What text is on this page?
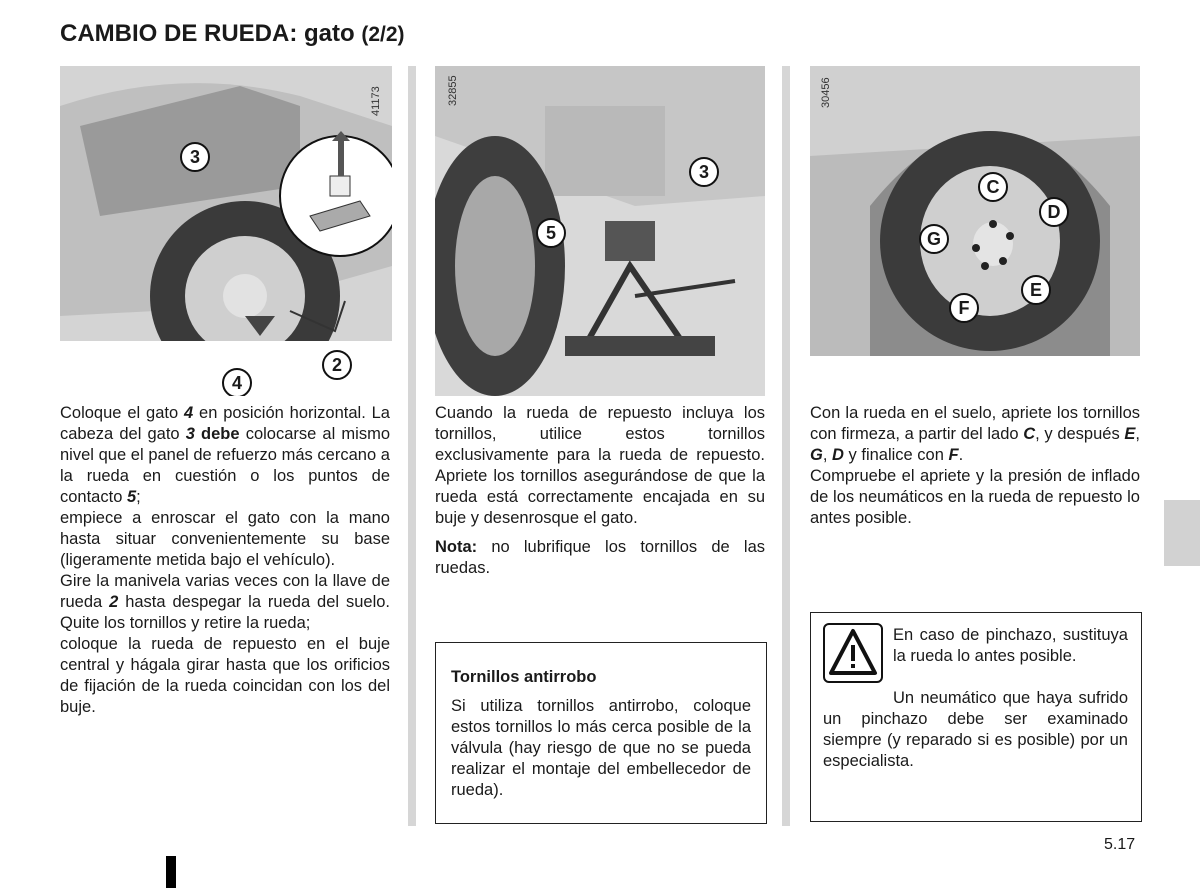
CAMBIO DE RUEDA: gato (2/2)
41173
3
2
4
32855
3
5
30456
C
D
G
E
F
Coloque el gato 4 en posición horizontal. La cabeza del gato 3 debe colocarse al mismo nivel que el panel de refuerzo más cercano a la rueda en cuestión o los puntos de contacto 5;
empiece a enroscar el gato con la mano hasta situar convenientemente su base (ligeramente metida bajo el vehículo).
Gire la manivela varias veces con la llave de rueda 2 hasta despegar la rueda del suelo. Quite los tornillos y retire la rueda;
coloque la rueda de repuesto en el buje central y hágala girar hasta que los orificios de fijación de la rueda coincidan con los del buje.
Cuando la rueda de repuesto incluya los tornillos, utilice estos tornillos exclusivamente para la rueda de repuesto. Apriete los tornillos asegurándose de que la rueda está correctamente encajada en su buje y desenrosque el gato.
Nota: no lubrifique los tornillos de las ruedas.
Tornillos antirrobo
Si utiliza tornillos antirrobo, coloque estos tornillos lo más cerca posible de la válvula (hay riesgo de que no se pueda realizar el montaje del embellecedor de rueda).
Con la rueda en el suelo, apriete los tornillos con firmeza, a partir del lado C, y después E, G, D y finalice con F.
Compruebe el apriete y la presión de inflado de los neumáticos en la rueda de repuesto lo antes posible.
En caso de pinchazo, sustituya la rueda lo antes posible.
Un neumático que haya sufrido un pinchazo debe ser examinado siempre (y reparado si es posible) por un especialista.
5.17
